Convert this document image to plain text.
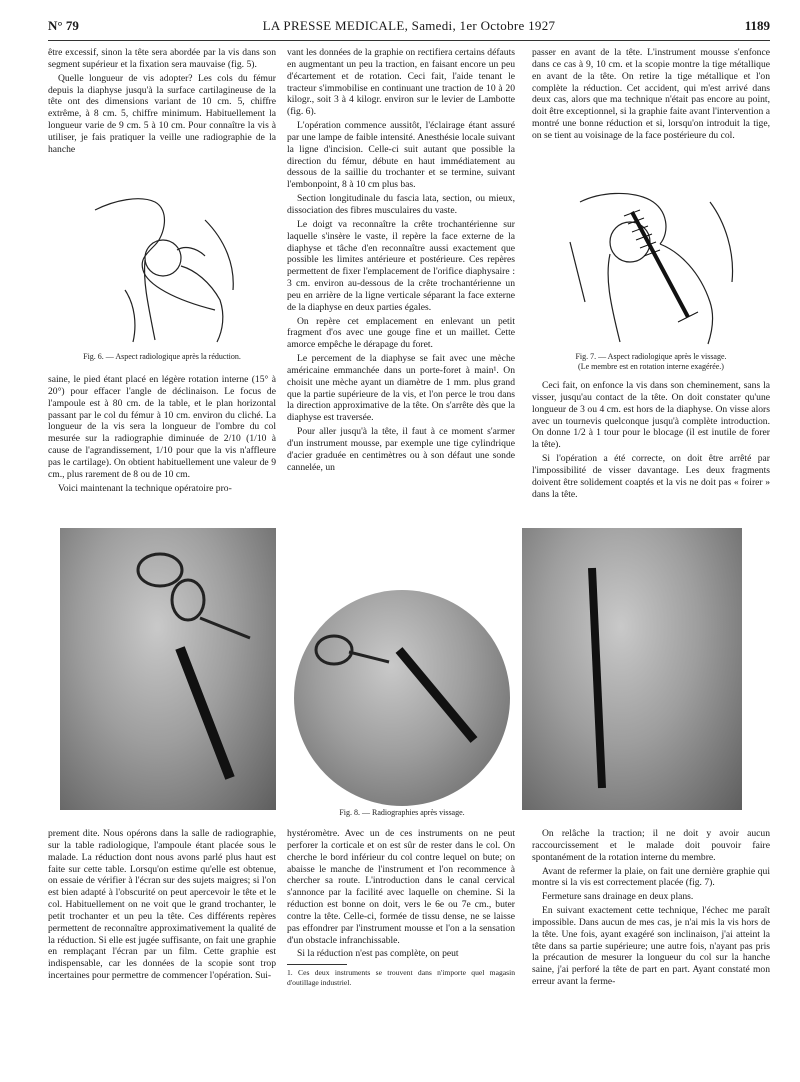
N° 79	LA PRESSE MEDICALE, Samedi, 1er Octobre 1927	1189

être excessif, sinon la tête sera abordée par la vis dans son segment supérieur et la fixation sera mauvaise (fig. 5).

Quelle longueur de vis adopter? Les cols du fémur depuis la diaphyse jusqu'à la surface cartilagineuse de la tête ont des dimensions variant de 10 cm. 5, chiffre extrême, à 8 cm. 5, chiffre minimum. Habituellement la longueur varie de 9 cm. 5 à 10 cm. Pour connaître la vis à utiliser, je fais pratiquer la veille une radiographie de la hanche

Fig. 6. — Aspect radiologique après la réduction.

saine, le pied étant placé en légère rotation interne (15° à 20°) pour effacer l'angle de déclinaison. Le focus de l'ampoule est à 80 cm. de la table, et le plan horizontal passant par le col du fémur à 10 cm. environ du cliché. La longueur de la vis sera la longueur de l'ombre du col mesurée sur la radiographie diminuée de 2/10 (1/10 à cause de l'agrandissement, 1/10 pour que la vis n'affleure pas le cartilage). On obtient habituellement une valeur de 9 cm., plus rarement de 8 ou de 10 cm.

Voici maintenant la technique opératoire pro-

vant les données de la graphie on rectifiera certains défauts en augmentant un peu la traction, en faisant encore un peu d'écartement et de rotation. Ceci fait, l'aide tenant le tracteur s'immobilise en continuant une traction de 10 à 20 kilogr., soit 3 à 4 kilogr. environ sur le levier de Lambotte (fig. 6).

L'opération commence aussitôt, l'éclairage étant assuré par une lampe de faible intensité. Anesthésie locale suivant la ligne d'incision. Celle-ci suit autant que possible la direction du fémur, débute en haut immédiatement au dessous de la saillie du trochanter et se termine, suivant l'embonpoint, 8 à 10 cm plus bas.

Section longitudinale du fascia lata, section, ou mieux, dissociation des fibres musculaires du vaste.

Le doigt va reconnaître la crête trochantérienne sur laquelle s'insère le vaste, il repère la face externe de la diaphyse et tâche d'en reconnaître aussi exactement que possible les limites antérieure et postérieure. Ces repères permettent de fixer l'emplacement de l'orifice diaphysaire : 3 cm. environ au-dessous de la crête trochantérienne un peu en arrière de la ligne verticale séparant la face externe de la diaphyse en deux parties égales.

On repère cet emplacement en enlevant un petit fragment d'os avec une gouge fine et un maillet. Cette amorce empêche le dérapage du foret.

Le percement de la diaphyse se fait avec une mèche américaine emmanchée dans un porte-foret à main¹. On choisit une mèche ayant un diamètre de 1 mm. plus grand que la partie supérieure de la vis, et l'on perce le trou dans la direction approximative de la tête. On s'arrête dès que la diaphyse est traversée.

Pour aller jusqu'à la tête, il faut à ce moment s'armer d'un instrument mousse, par exemple une tige cylindrique d'acier graduée en centimètres ou à son défaut une sonde cannelée, un

passer en avant de la tête. L'instrument mousse s'enfonce dans ce cas à 9, 10 cm. et la scopie montre la tige métallique en avant de la tête. On retire la tige métallique et l'on complète la réduction. Cet accident, qui m'est arrivé dans deux cas, alors que ma technique n'était pas encore au point, doit être exceptionnel, si la graphie faite avant l'intervention a montré une bonne réduction et si, lorsqu'on introduit la tige, on se tient au voisinage de la face postérieure du col.

Fig. 7. — Aspect radiologique après le vissage.
(Le membre est en rotation interne exagérée.)

Ceci fait, on enfonce la vis dans son cheminement, sans la visser, jusqu'au contact de la tête. On doit constater qu'une longueur de 3 ou 4 cm. est hors de la diaphyse. On visse alors avec un tournevis quelconque jusqu'à complète introduction. On donne 1/2 à 1 tour pour le blocage (il est inutile de forer la tête).

Si l'opération a été correcte, on doit être arrêté par l'impossibilité de visser davantage. Les deux fragments doivent être solidement coaptés et la vis ne doit pas « foirer » dans la tête.

Fig. 8. — Radiographies après vissage.

prement dite. Nous opérons dans la salle de radiographie, sur la table radiologique, l'ampoule étant placée sous le malade. La réduction dont nous avons parlé plus haut est faite sur cette table. Lorsqu'on estime qu'elle est obtenue, on essaie de vérifier à l'écran sur des sujets maigres; si l'on est bien adapté à l'obscurité on peut apercevoir le tête et le col. Habituellement on ne voit que le grand trochanter, le petit trochanter et un peu la tête. Ces différents repères permettent de reconnaître approximativement la qualité de la réduction. Si elle est jugée suffisante, on fait une graphie en remplaçant l'écran par un film. Cette graphie est indispensable, car les données de la scopie sont trop incertaines pour permettre de commencer l'opération. Sui-

hystéromètre. Avec un de ces instruments on ne peut perforer la corticale et on est sûr de rester dans le col. On cherche le bord inférieur du col contre lequel on bute; on abaisse le manche de l'instrument et l'on recommence à chercher sa route. L'introduction dans le canal cervical s'annonce par la facilité avec laquelle on chemine. Si la réduction est bonne on doit, vers le 6e ou 7e cm., buter contre la tête. Celle-ci, formée de tissu dense, ne se laisse pas effondrer par l'instrument mousse et l'on a la sensation d'un obstacle infranchissable.

Si la réduction n'est pas complète, on peut

1. Ces deux instruments se trouvent dans n'importe quel magasin d'outillage industriel.

On relâche la traction; il ne doit y avoir aucun raccourcissement et le malade doit pouvoir faire spontanément de la rotation interne du membre.

Avant de refermer la plaie, on fait une dernière graphie qui montre si la vis est correctement placée (fig. 7).

Fermeture sans drainage en deux plans.

En suivant exactement cette technique, l'échec me paraît impossible. Dans aucun de mes cas, je n'ai mis la vis hors de la tête. Une fois, ayant exagéré son inclinaison, j'ai atteint la tête dans sa partie supérieure; une autre fois, n'ayant pas pris la précaution de mesurer la longueur du col sur la hanche saine, j'ai perforé la tête de part en part. Ayant constaté mon erreur avant la ferme-
